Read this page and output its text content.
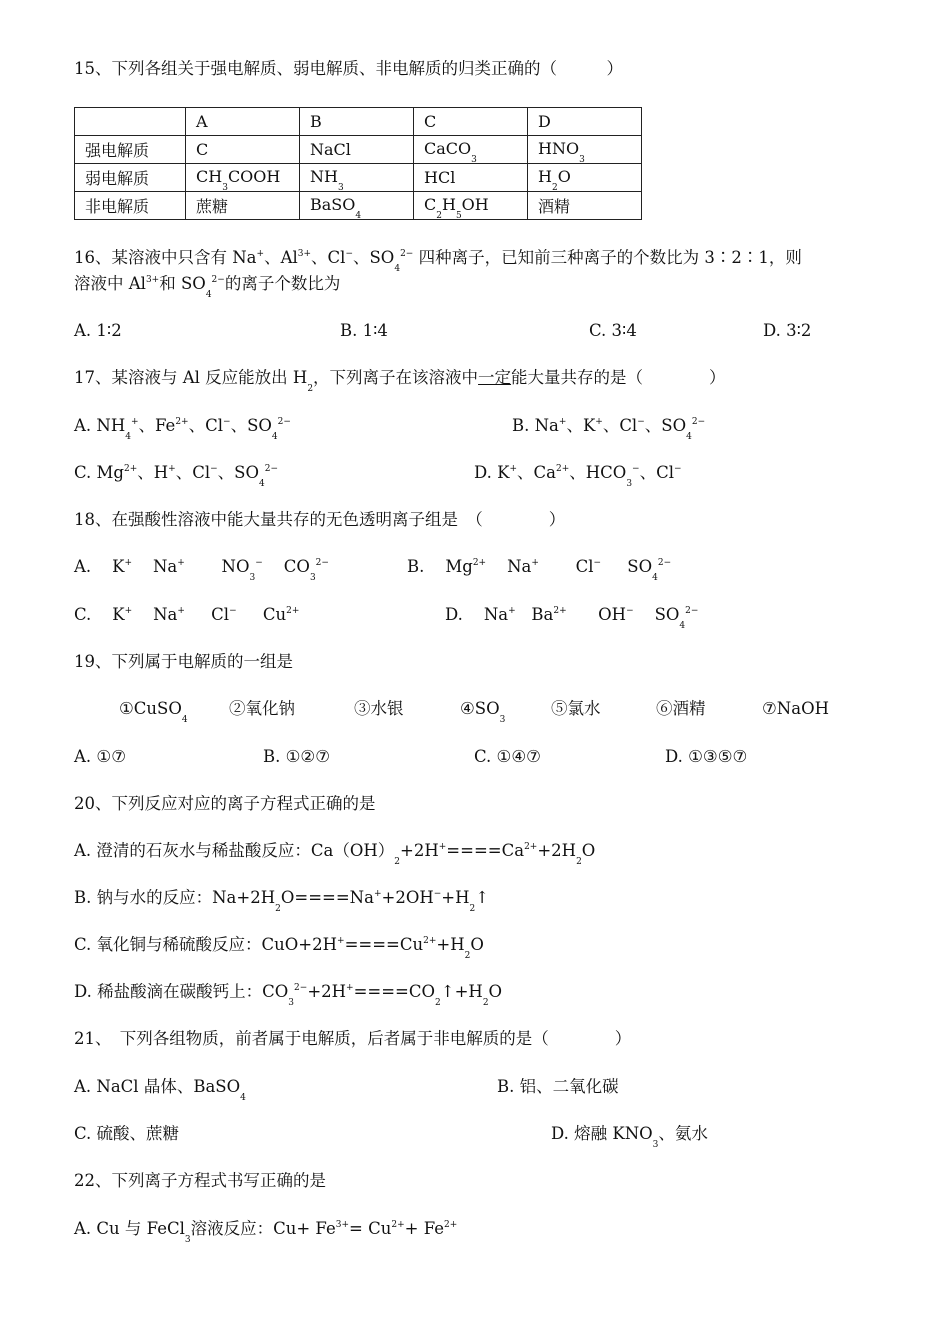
15、下列各组关于强电解质、弱电解质、非电解质的归类正确的（　　　）
	A	B	C	D
强电解质	C	NaCl	CaCO$_3$	$HNO_3$
弱电解质	$CH_3COOH$	$NH_3$	HCl	$H_2O$
非电解质	蔗糖	BaSO$_4$	$C_2H_5OH$	酒精
16、某溶液中只含有 Na+、$Al^{3+}$、Cl−、$SO_4^{2-}$ 四种离子，已知前三种离子的个数比为 3∶2∶1，则
溶液中 $Al^{3+}$和 $SO_4^{2-}$的离子个数比为
A. 1∶2	B. 1∶4	C. 3∶4	D. 3∶2
17、某溶液与 Al 反应能放出 $H_2$，下列离子在该溶液中一定能大量共存的是（　　　　）
A. $NH_4^+$、$Fe^{2+}$、Cl−、$SO_4^{2-}$	B. Na+、K+、Cl−、$SO_4^{2-}$
C. $Mg^{2+}$、H+、Cl−、$SO_4^{2-}$	D. K+、$Ca^{2+}$、$HCO_3^-$、Cl−
18、在强酸性溶液中能大量共存的无色透明离子组是　（　　　　）
A.    K+    Na+       $NO_3^-$    $CO_3^{2-}$	B.    $Mg^{2+}$    Na+       Cl−     $SO_4^{2-}$
C.    K+    Na+     Cl−     $Cu^{2+}$	D.    Na+   $Ba^{2+}$      OH−    $SO_4^{2-}$
19、下列属于电解质的一组是
①CuSO$_4$
②氧化钠	③水银	$④SO_3$
⑤氯水	⑥酒精	⑦NaOH
A. ①⑦	B. ①②⑦	C. ①④⑦	D. ①③⑤⑦
20、下列反应对应的离子方程式正确的是
A. 澄清的石灰水与稀盐酸反应：$Ca(OH)_2+2H^+====Ca^{2+}+2H_2O$
B. 钠与水的反应：$Na+2H_2O====Na^++2OH^-+H_2↑$
C. 氧化铜与稀硫酸反应：$CuO+2H^+====Cu^{2+}+H_2O$
D. 稀盐酸滴在碳酸钙上：$CO_3^{2-}+2H^+====CO_2↑+H_2O$
21、　下列各组物质，前者属于电解质，后者属于非电解质的是（　　　　）
A. NaCl 晶体、BaSO$_4$
B. 铝、二氧化碳
C. 硫酸、蔗糖	D. 熔融 $KNO_3$、氨水
22、下列离子方程式书写正确的是
A. Cu 与 FeCl$_3$溶液反应：$Cu+ Fe^{3+}= Cu^{2+}+ Fe^{2+}$
